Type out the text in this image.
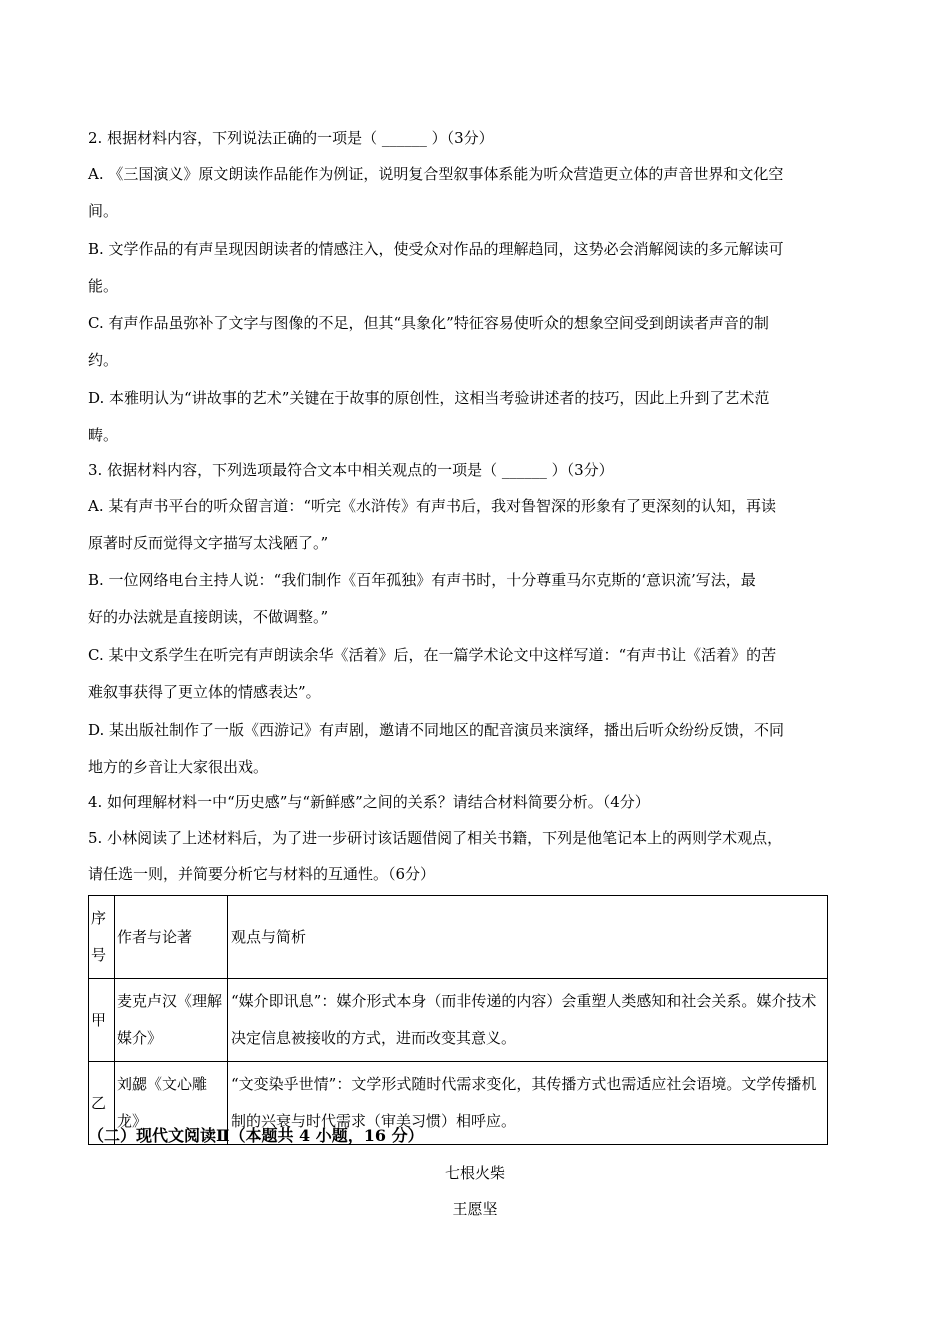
2. 根据材料内容，下列说法正确的一项是（ ______ ）（3分）
A. 《三国演义》原文朗读作品能作为例证，说明复合型叙事体系能为听众营造更立体的声音世界和文化空
间。
B. 文学作品的有声呈现因朗读者的情感注入，使受众对作品的理解趋同，这势必会消解阅读的多元解读可
能。
C. 有声作品虽弥补了文字与图像的不足，但其“具象化”特征容易使听众的想象空间受到朗读者声音的制
约。
D. 本雅明认为“讲故事的艺术”关键在于故事的原创性，这相当考验讲述者的技巧，因此上升到了艺术范
畴。
3. 依据材料内容，下列选项最符合文本中相关观点的一项是（ ______ ）（3分）
A. 某有声书平台的听众留言道：“听完《水浒传》有声书后，我对鲁智深的形象有了更深刻的认知，再读
原著时反而觉得文字描写太浅陋了。”
B. 一位网络电台主持人说：“我们制作《百年孤独》有声书时，十分尊重马尔克斯的‘意识流’写法，最
好的办法就是直接朗读，不做调整。”
C. 某中文系学生在听完有声朗读余华《活着》后，在一篇学术论文中这样写道：“有声书让《活着》的苦
难叙事获得了更立体的情感表达”。
D. 某出版社制作了一版《西游记》有声剧，邀请不同地区的配音演员来演绎，播出后听众纷纷反馈，不同
地方的乡音让大家很出戏。
4. 如何理解材料一中“历史感”与“新鲜感”之间的关系？请结合材料简要分析。（4分）
5. 小林阅读了上述材料后，为了进一步研讨该话题借阅了相关书籍，下列是他笔记本上的两则学术观点，
请任选一则，并简要分析它与材料的互通性。（6分）
序号	作者与论著	观点与简析
甲	麦克卢汉《理解媒介》	“媒介即讯息”：媒介形式本身（而非传递的内容）会重塑人类感知和社会关系。媒介技术决定信息被接收的方式，进而改变其意义。
乙	刘勰《文心雕龙》	“文变染乎世情”：文学形式随时代需求变化，其传播方式也需适应社会语境。文学传播机制的兴衰与时代需求（审美习惯）相呼应。
（二）现代文阅读Ⅱ（本题共 4 小题，16 分）
七根火柴
王愿坚
